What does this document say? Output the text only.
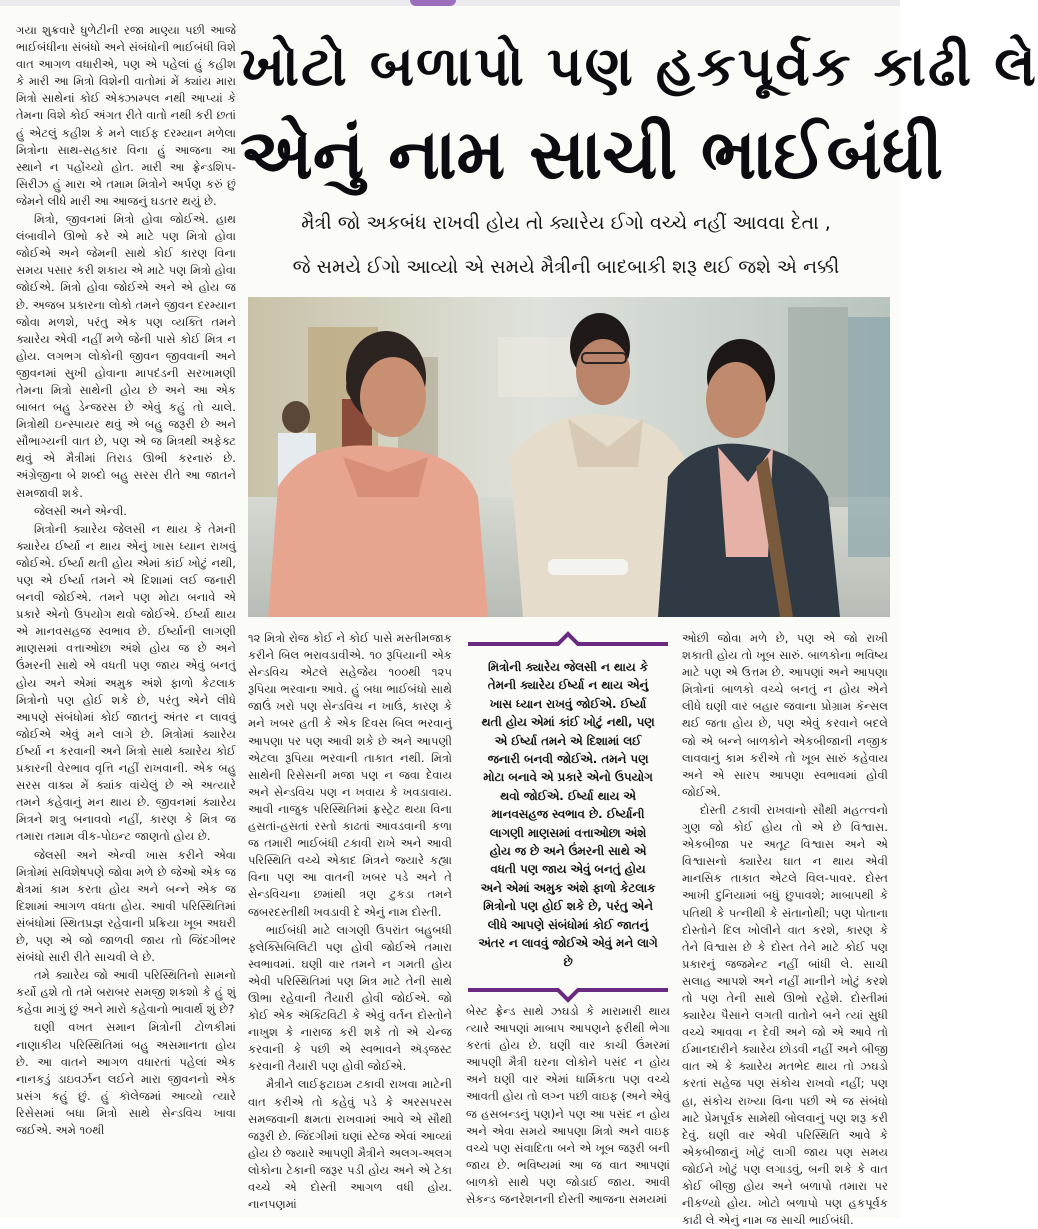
ગયા શુક્રવારે ધુળેટીની રજા માણ્યા પછી આજે ભાઈબંધીના સંબંધો અને સંબંધોની ભાઈબંધી વિશે વાત આગળ વધારીએ, પણ એ પહેલાં હું કહીશ કે મારી આ મિત્રો વિશેની વાતોમાં મેં ક્યાંય મારા મિત્રો સાથેનાં કોઈ એક્ઝામ્પલ નથી આપ્યાં કે તેમના વિશે કોઈ અંગત રીતે વાતો નથી કરી છતાં હું એટલું કહીશ કે મને લાઈફ દરમ્યાન મળેલા મિત્રોના સાથ-સહકાર વિના હું આજના આ સ્થાને ન પહોંચ્યો હોત. મારી આ ફ્રેન્ડશિપ-સિરીઝ હું મારા એ તમામ મિત્રોને અર્પણ કરું છું જેમને લીધે મારી આ આજનું ઘડતર થયું છે.

મિત્રો, જીવનમાં મિત્રો હોવા જોઈએ. હાથ લંબાવીને ઊભો કરે એ માટે પણ મિત્રો હોવા જોઈએ અને જેમની સાથે કોઈ કારણ વિના સમય પસાર કરી શકાય એ માટે પણ મિત્રો હોવા જોઈએ. મિત્રો હોવા જોઈએ અને એ હોય જ છે. અજબ પ્રકારના લોકો તમને જીવન દરમ્યાન જોવા મળશે, પરંતુ એક પણ વ્યક્તિ તમને ક્યારેય એવી નહીં મળે જેની પાસે કોઈ મિત્ર ન હોય. લગભગ લોકોની જીવન જીવવાની અને જીવનમાં સુખી હોવાના માપદંડની સરખામણી તેમના મિત્રો સાથેની હોય છે અને આ એક બાબત બહુ ડેન્જરસ છે એવું કહું તો ચાલે. મિત્રોથી ઇન્સ્પાયર થવું એ બહુ જરૂરી છે અને સૌભાગ્યની વાત છે, પણ એ જ મિત્રથી અફેક્ટ થવું એ મૈત્રીમાં તિરાડ ઊભી કરનારું છે. અંગ્રેજીના બે શબ્દો બહુ સરસ રીતે આ જાતને સમજાવી શકે.

જેલસી અને એન્વી.

મિત્રોની ક્યારેય જેલસી ન થાય કે તેમની ક્યારેય ઈર્ષ્યા ન થાય એનું ખાસ ધ્યાન રાખવું જોઈએ. ઈર્ષ્યા થતી હોય એમાં કાંઈ ખોટું નથી, પણ એ ઈર્ષ્યા તમને એ દિશામાં લઈ જનારી બનવી જોઈએ. તમને પણ મોટા બનાવે એ પ્રકારે એનો ઉપયોગ થવો જોઈએ. ઈર્ષ્યા થાય એ માનવસહજ સ્વભાવ છે. ઈર્ષ્યાની લાગણી માણસમાં વત્તાઓછા અંશે હોય જ છે અને ઉંમરની સાથે એ વધતી પણ જાય એવું બનતું હોય અને એમાં અમુક અંશે ફાળો કેટલાક મિત્રોનો પણ હોઈ શકે છે, પરંતુ એને લીધે આપણે સંબંધોમાં કોઈ જાતનું અંતર ન લાવવું જોઈએ એવું મને લાગે છે. મિત્રોમાં ક્યારેય ઈર્ષ્યા ન કરવાની અને મિત્રો સાથે ક્યારેય કોઈ પ્રકારની વેરભાવ વૃત્તિ નહીં રાખવાની. એક બહુ સરસ વાક્ય મેં ક્યાંક વાંચેલું છે એ અત્યારે તમને કહેવાનું મન થાય છે. જીવનમાં ક્યારેય મિત્રને શત્રુ બનાવવો નહીં, કારણ કે મિત્ર જ તમારા તમામ વીક-પોઇન્ટ જાણતો હોય છે.

જેલસી અને એન્વી ખાસ કરીને એવા મિત્રોમાં સવિશેષપણે જોવા મળે છે જેઓ એક જ ક્ષેત્રમાં કામ કરતા હોય અને બન્ને એક જ દિશામાં આગળ વધતા હોય. આવી પરિસ્થિતિમાં સંબંધોમાં સ્થિતપ્રજ્ઞ રહેવાની પ્રક્રિયા ખૂબ અઘરી છે, પણ એ જો જાળવી જાય તો જિંદગીભર સંબંધો સારી રીતે સાચવી લે છે.

તમે ક્યારેય જો આવી પરિસ્થિતિનો સામનો કર્યો હશે તો તમે બરાબર સમજી શકશો કે હું શું કહેવા માગું છું અને મારો કહેવાનો ભાવાર્થ શું છે?

ઘણી વખત સમાન મિત્રોની ટોળકીમાં નાણાકીય પરિસ્થિતિમાં બહુ અસમાનતા હોય છે. આ વાતને આગળ વધારતાં પહેલાં એક નાનકડું ડાઇવર્ઝન લઈને મારા જીવનનો એક પ્રસંગ કહું છું. હું કૉલેજમાં આવ્યો ત્યારે રિસેસમાં બધા મિત્રો સાથે સેન્ડવિચ ખાવા જઈએ. અમે ૧૦થી

ખોટો બળાપો પણ હકપૂર્વક કાઢી લે
એનું નામ સાચી ભાઈબંધી
મૈત્રી જો અકબંધ રાખવી હોય તો ક્યારેય ઈગો વચ્ચે નહીં આવવા દેતા ,
જે સમયે ઈગો આવ્યો એ સમયે મૈત્રીની બાદબાકી શરૂ થઈ જશે એ નક્કી

૧૨ મિત્રો રોજ કોઈ ને કોઈ પાસે મસ્તીમજાક કરીને બિલ ભરાવડાવીએ. ૧૦ રૂપિયાની એક સેન્ડવિચ એટલે સહેજેય ૧૦૦થી ૧૨૫ રૂપિયા ભરવાના આવે. હું બધા ભાઈબંધો સાથે જાઉં ખરો પણ સેન્ડવિચ ન ખાઉં, કારણ કે મને ખબર હતી કે એક દિવસ બિલ ભરવાનું આપણા પર પણ આવી શકે છે અને આપણી એટલા રૂપિયા ભરવાની તાકાત નથી. મિત્રો સાથેની રિસેસની મજા પણ ન જવા દેવાય અને સેન્ડવિચ પણ ન ખવાય કે ખવડાવાય. આવી નાજુક પરિસ્થિતિમાં ફ્રસ્ટ્રેટ થયા વિના હસતાં-હસતાં રસ્તો કાઢતાં આવડવાની કળા જ તમારી ભાઈબંધી ટકાવી રાખે અને આવી પરિસ્થિતિ વચ્ચે એકાદ મિત્રને જ્યારે કહ્યા વિના પણ આ વાતની ખબર પડે અને તે સેન્ડવિચના છમાંથી ત્રણ ટુકડા તમને જબરદસ્તીથી ખવડાવી દે એનું નામ દોસ્તી.

ભાઈબંધી માટે લાગણી ઉપરાંત બહુબધી ફ્લેક્સિબિલિટી પણ હોવી જોઈએ તમારા સ્વભાવમાં. ઘણી વાર તમને ન ગમતી હોય એવી પરિસ્થિતિમાં પણ મિત્ર માટે તેની સાથે ઊભા રહેવાની તૈયારી હોવી જોઈએ. જો કોઈ એક ઍક્ટિવિટી કે એવું વર્તન દોસ્તોને નાખુશ કે નારાજ કરી શકે તો એ ચેન્જ કરવાની કે પછી એ સ્વભાવને ઍડ્જસ્ટ કરવાની તૈયારી પણ હોવી જોઈએ.

મૈત્રીને લાઈફટાઇમ ટકાવી રાખવા માટેની વાત કરીએ તો કહેવું પડે કે અરસપરસ સમજવાની ક્ષમતા રાખવામાં આવે એ સૌથી જરૂરી છે. જિંદગીમાં ઘણાં સ્ટેજ એવાં આવ્યાં હોય છે જ્યારે આપણી મૈત્રીને અલગ-અલગ લોકોના ટેકાની જરૂર પડી હોય અને એ ટેકા વચ્ચે એ દોસ્તી આગળ વધી હોય. નાનપણમાં

મિત્રોની ક્યારેય જેલસી ન થાય કે તેમની ક્યારેય ઈર્ષ્યા ન થાય એનું ખાસ ધ્યાન રાખવું જોઈએ. ઈર્ષ્યા થતી હોય એમાં કાંઈ ખોટું નથી, પણ એ ઈર્ષ્યા તમને એ દિશામાં લઈ જનારી બનવી જોઈએ. તમને પણ મોટા બનાવે એ પ્રકારે એનો ઉપયોગ થવો જોઈએ. ઈર્ષ્યા થાય એ માનવસહજ સ્વભાવ છે. ઈર્ષ્યાની લાગણી માણસમાં વત્તાઓછા અંશે હોય જ છે અને ઉંમરની સાથે એ વધતી પણ જાય એવું બનતું હોય અને એમાં અમુક અંશે ફાળો કેટલાક મિત્રોનો પણ હોઈ શકે છે, પરંતુ એને લીધે આપણે સંબંધોમાં કોઈ જાતનું અંતર ન લાવવું જોઈએ એવું મને લાગે છે

બેસ્ટ ફ્રેન્ડ સાથે ઝઘડો કે મારામારી થાય ત્યારે આપણાં માબાપ આપણને ફરીથી ભેગા કરતાં હોય છે. ઘણી વાર કાચી ઉંમરમાં આપણી મૈત્રી ઘરના લોકોને પસંદ ન હોય અને ઘણી વાર એમાં ધાર્મિકતા પણ વચ્ચે આવતી હોય તો લગ્ન પછી વાઇફ (અને એવું જ હસબન્ડનું પણ)ને પણ આ પસંદ ન હોય અને એવા સમયે આપણા મિત્રો અને વાઇફ વચ્ચે પણ સંવાદિતા બને એ ખૂબ જરૂરી બની જાય છે. ભવિષ્યમાં આ જ વાત આપણાં બાળકો સાથે પણ જોડાઈ જાય. આવી સેકન્ડ જનરેશનની દોસ્તી આજના સમયમાં

ઓછી જોવા મળે છે, પણ એ જો રાખી શકાતી હોય તો ખૂબ સારું. બાળકોના ભવિષ્ય માટે પણ એ ઉત્તમ છે. આપણાં અને આપણા મિત્રોનાં બાળકો વચ્ચે બનતું ન હોય એને લીધે ઘણી વાર બહાર જવાના પ્રોગ્રામ કૅન્સલ થઈ જતા હોય છે, પણ એવું કરવાને બદલે જો એ બન્ને બાળકોને એકબીજાની નજીક લાવવાનું કામ કરીએ તો ખૂબ સારું કહેવાય અને એ સારપ આપણા સ્વભાવમાં હોવી જોઈએ.

દોસ્તી ટકાવી રાખવાનો સૌથી મહત્ત્વનો ગુણ જો કોઈ હોય તો એ છે વિશ્વાસ. એકબીજા પર અતૂટ વિશ્વાસ અને એ વિશ્વાસનો ક્યારેય ઘાત ન થાય એવી માનસિક તાકાત એટલે વિલ-પાવર. દોસ્ત આખી દુનિયામાં બધું છુપાવશે; માબાપથી કે પતિથી કે પત્નીથી કે સંતાનોથી; પણ પોતાના દોસ્તોને દિલ ખોલીને વાત કરશે, કારણ કે તેને વિશ્વાસ છે કે દોસ્ત તેને માટે કોઈ પણ પ્રકારનું જજમેન્ટ નહીં બાંધી લે. સાચી સલાહ આપશે અને નહીં માનીને ખોટું કરશે તો પણ તેની સાથે ઊભો રહેશે. દોસ્તીમાં ક્યારેય પૈસાને લગતી વાતોને બને ત્યાં સુધી વચ્ચે આવવા ન દેવી અને જો એ આવે તો ઈમાનદારીને ક્યારેય છોડવી નહીં અને બીજી વાત એ કે ક્યારેય મતભેદ થાય તો ઝઘડો કરતાં સહેજ પણ સંકોચ રાખવો નહીં; પણ હા, સંકોચ રાખ્યા વિના પછી એ જ સંબંધો માટે પ્રેમપૂર્વક સામેથી બોલવાનું પણ શરૂ કરી દેવું. ઘણી વાર એવી પરિસ્થિતિ આવે કે એકબીજાનું ખોટું લાગી જાય પણ સમય જોઈને ખોટું પણ લગાડવું, બની શકે કે વાત કોઈ બીજી હોય અને બળાપો તમારા પર નીકળ્યો હોય. ખોટો બળાપો પણ હકપૂર્વક કાઢી લે એનું નામ જ સાચી ભાઈબંધી.
